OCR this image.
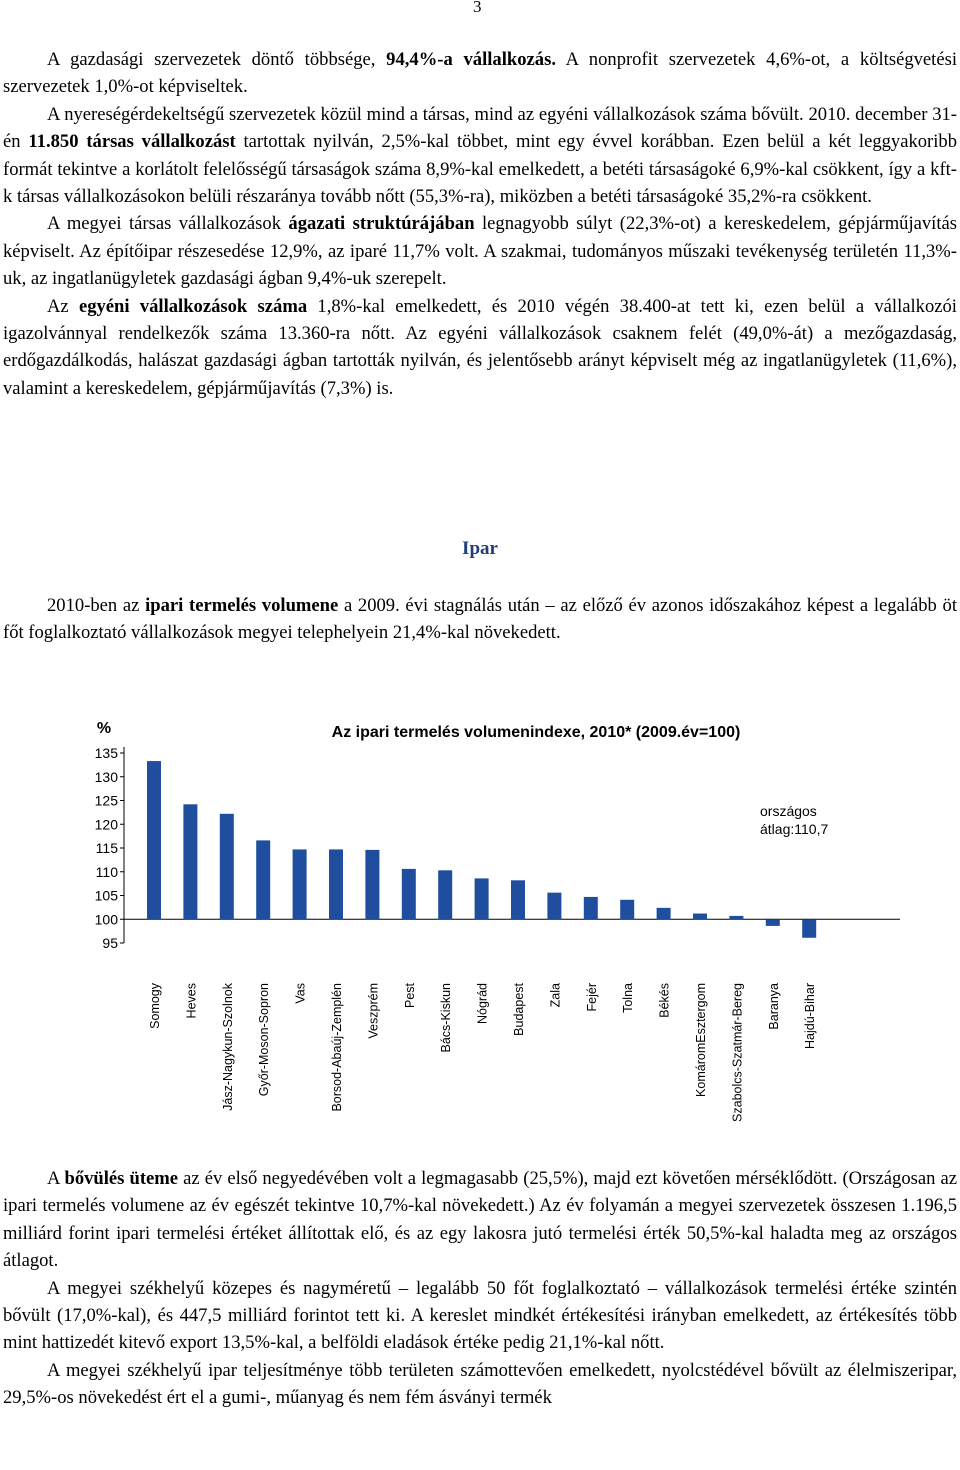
3

A gazdasági szervezetek döntő többsége, 94,4%-a vállalkozás. A nonprofit szervezetek 4,6%-ot, a költségvetési szervezetek 1,0%-ot képviseltek.

A nyereségérdekeltségű szervezetek közül mind a társas, mind az egyéni vállalkozások száma bővült. 2010. december 31-én 11.850 társas vállalkozást tartottak nyilván, 2,5%-kal többet, mint egy évvel korábban. Ezen belül a két leggyakoribb formát tekintve a korlátolt felelősségű társaságok száma 8,9%-kal emelkedett, a betéti társaságoké 6,9%-kal csökkent, így a kft-k társas vállalkozásokon belüli részaránya tovább nőtt (55,3%-ra), miközben a betéti társaságoké 35,2%-ra csökkent.

A megyei társas vállalkozások ágazati struktúrájában legnagyobb súlyt (22,3%-ot) a kereskedelem, gépjárműjavítás képviselt. Az építőipar részesedése 12,9%, az iparé 11,7% volt. A szakmai, tudományos műszaki tevékenység területén 11,3%-uk, az ingatlanügyletek gazdasági ágban 9,4%-uk szerepelt.

Az egyéni vállalkozások száma 1,8%-kal emelkedett, és 2010 végén 38.400-at tett ki, ezen belül a vállalkozói igazolvánnyal rendelkezők száma 13.360-ra nőtt. Az egyéni vállalkozások csaknem felét (49,0%-át) a mezőgazdaság, erdőgazdálkodás, halászat gazdasági ágban tartották nyilván, és jelentősebb arányt képviselt még az ingatlanügyletek (11,6%), valamint a kereskedelem, gépjárműjavítás (7,3%) is.

Ipar

2010-ben az ipari termelés volumene a 2009. évi stagnálás után – az előző év azonos időszakához képest a legalább öt főt foglalkoztató vállalkozások megyei telephelyein 21,4%-kal növekedett.

Az ipari termelés volumenindexe, 2010* (2009.év=100)
%
95
100
105
110
115
120
125
130
135
Somogy Heves Jász-Nagykun-Szolnok Győr-Moson-Sopron Vas Borsod-Abaúj-Zemplén Veszprém Pest Bács-Kiskun Nógrád Budapest Zala Fejér Tolna Békés KomáromEsztergom Szabolcs-Szatmár-Bereg Baranya Hajdú-Bihar
országos
átlag:110,7

A bővülés üteme az év első negyedévében volt a legmagasabb (25,5%), majd ezt követően mérséklődött. (Országosan az ipari termelés volumene az év egészét tekintve 10,7%-kal növekedett.) Az év folyamán a megyei szervezetek összesen 1.196,5 milliárd forint ipari termelési értéket állítottak elő, és az egy lakosra jutó termelési érték 50,5%-kal haladta meg az országos átlagot.

A megyei székhelyű közepes és nagyméretű – legalább 50 főt foglalkoztató – vállalkozások termelési értéke szintén bővült (17,0%-kal), és 447,5 milliárd forintot tett ki. A kereslet mindkét értékesítési irányban emelkedett, az értékesítés több mint hattizedét kitevő export 13,5%-kal, a belföldi eladások értéke pedig 21,1%-kal nőtt.

A megyei székhelyű ipar teljesítménye több területen számottevően emelkedett, nyolcstédével bővült az élelmiszeripar, 29,5%-os növekedést ért el a gumi-, műanyag és nem fém ásványi termék
